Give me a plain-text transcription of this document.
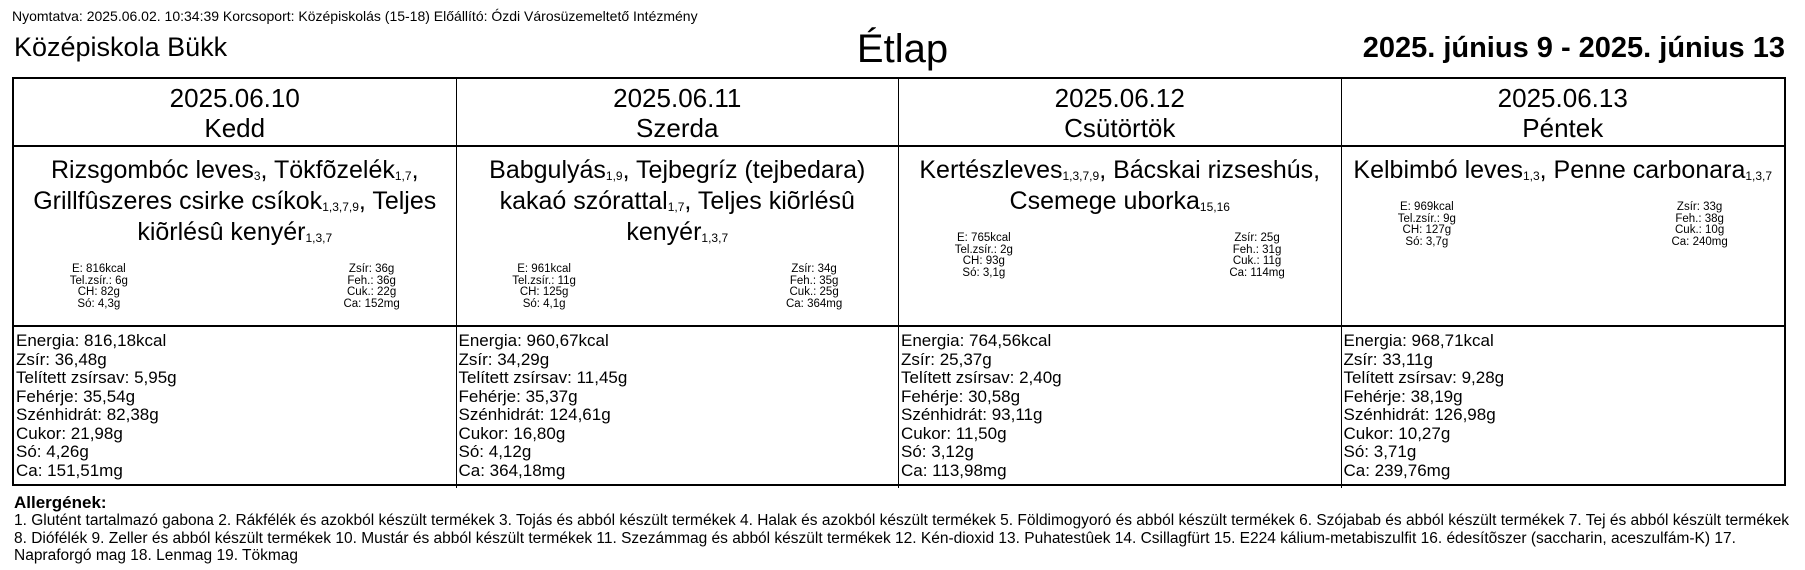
Nyomtatva: 2025.06.02. 10:34:39 Korcsoport: Középiskolás (15-18) Előállító: Ózdi Városüzemeltető Intézmény
Középiskola Bükk	Étlap	2025. június 9 - 2025. június 13
2025.06.10
Kedd
2025.06.11
Szerda
2025.06.12
Csütörtök
2025.06.13
Péntek
Rizsgombóc leves$_3$, Tökfõzelék$_{1,7}$, Grillfûszeres csirke csíkok$_{1,3,7,9}$, Teljes kiõrlésû kenyér$_{1,3,7}$
E: 816kcal
Tel.zsír.: 6g
CH: 82g
Só: 4,3g
Zsír: 36g
Feh.: 36g
Cuk.: 22g
Ca: 152mg
Babgulyás$_{1,9}$, Tejbegríz (tejbedara) kakaó szórattal$_{1,7}$, Teljes kiõrlésû kenyér$_{1,3,7}$
E: 961kcal
Tel.zsír.: 11g
CH: 125g
Só: 4,1g
Zsír: 34g
Feh.: 35g
Cuk.: 25g
Ca: 364mg
Kertészleves$_{1,3,7,9}$, Bácskai rizseshús, Csemege uborka$_{15,16}$
E: 765kcal
Tel.zsír.: 2g
CH: 93g
Só: 3,1g
Zsír: 25g
Feh.: 31g
Cuk.: 11g
Ca: 114mg
Kelbimbó leves$_{1,3}$, Penne carbonara$_{1,3,7}$
E: 969kcal
Tel.zsír.: 9g
CH: 127g
Só: 3,7g
Zsír: 33g
Feh.: 38g
Cuk.: 10g
Ca: 240mg
Energia: 816,18kcal
Zsír: 36,48g
Telített zsírsav: 5,95g
Fehérje: 35,54g
Szénhidrát: 82,38g
Cukor: 21,98g
Só: 4,26g
Ca: 151,51mg
Energia: 960,67kcal
Zsír: 34,29g
Telített zsírsav: 11,45g
Fehérje: 35,37g
Szénhidrát: 124,61g
Cukor: 16,80g
Só: 4,12g
Ca: 364,18mg
Energia: 764,56kcal
Zsír: 25,37g
Telített zsírsav: 2,40g
Fehérje: 30,58g
Szénhidrát: 93,11g
Cukor: 11,50g
Só: 3,12g
Ca: 113,98mg
Energia: 968,71kcal
Zsír: 33,11g
Telített zsírsav: 9,28g
Fehérje: 38,19g
Szénhidrát: 126,98g
Cukor: 10,27g
Só: 3,71g
Ca: 239,76mg
Allergének:
1. Glutént tartalmazó gabona 2. Rákfélék és azokból készült termékek 3. Tojás és abból készült termékek 4. Halak és azokból készült termékek 5. Földimogyoró és abból készült termékek 6. Szójabab és abból készült termékek 7. Tej és abból készült termékek 8. Diófélék 9. Zeller és abból készült termékek 10. Mustár és abból készült termékek 11. Szezámmag és abból készült termékek 12. Kén-dioxid 13. Puhatestûek 14. Csillagfürt 15. E224 kálium-metabiszulfit 16. édesítõszer (saccharin, aceszulfám-K) 17. Napraforgó mag 18. Lenmag 19. Tökmag
